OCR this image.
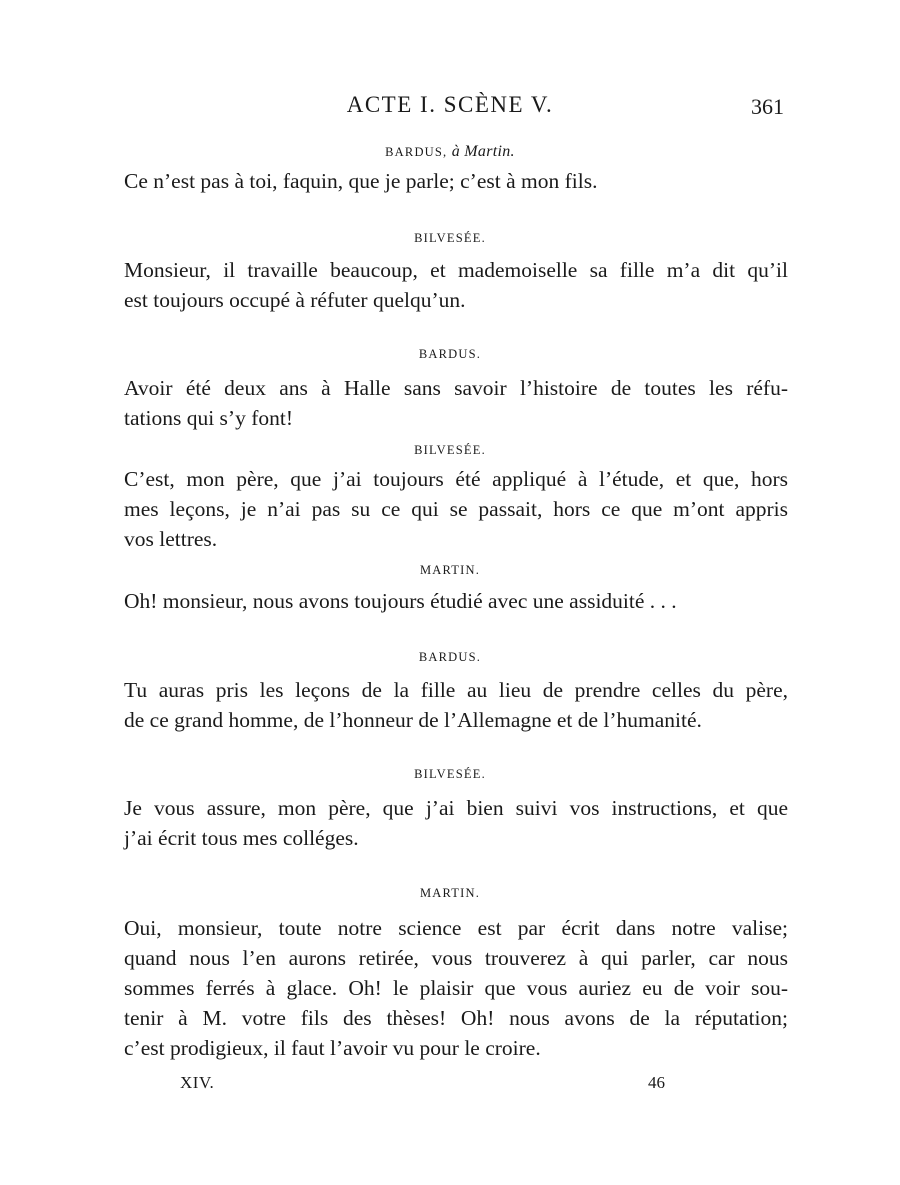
ACTE I. SCÈNE V.	361
BARDUS, à Martin.
Ce n’est pas à toi, faquin, que je parle; c’est à mon fils.
BILVESÉE.
Monsieur, il travaille beaucoup, et mademoiselle sa fille m’a dit qu’il
est toujours occupé à réfuter quelqu’un.
BARDUS.
Avoir été deux ans à Halle sans savoir l’histoire de toutes les réfu-
tations qui s’y font!
BILVESÉE.
C’est, mon père, que j’ai toujours été appliqué à l’étude, et que, hors
mes leçons, je n’ai pas su ce qui se passait, hors ce que m’ont appris
vos lettres.
MARTIN.
Oh! monsieur, nous avons toujours étudié avec une assiduité . . .
BARDUS.
Tu auras pris les leçons de la fille au lieu de prendre celles du père,
de ce grand homme, de l’honneur de l’Allemagne et de l’humanité.
BILVESÉE.
Je vous assure, mon père, que j’ai bien suivi vos instructions, et que
j’ai écrit tous mes colléges.
MARTIN.
Oui, monsieur, toute notre science est par écrit dans notre valise;
quand nous l’en aurons retirée, vous trouverez à qui parler, car nous
sommes ferrés à glace. Oh! le plaisir que vous auriez eu de voir sou-
tenir à M. votre fils des thèses! Oh! nous avons de la réputation;
c’est prodigieux, il faut l’avoir vu pour le croire.
XIV.	46
